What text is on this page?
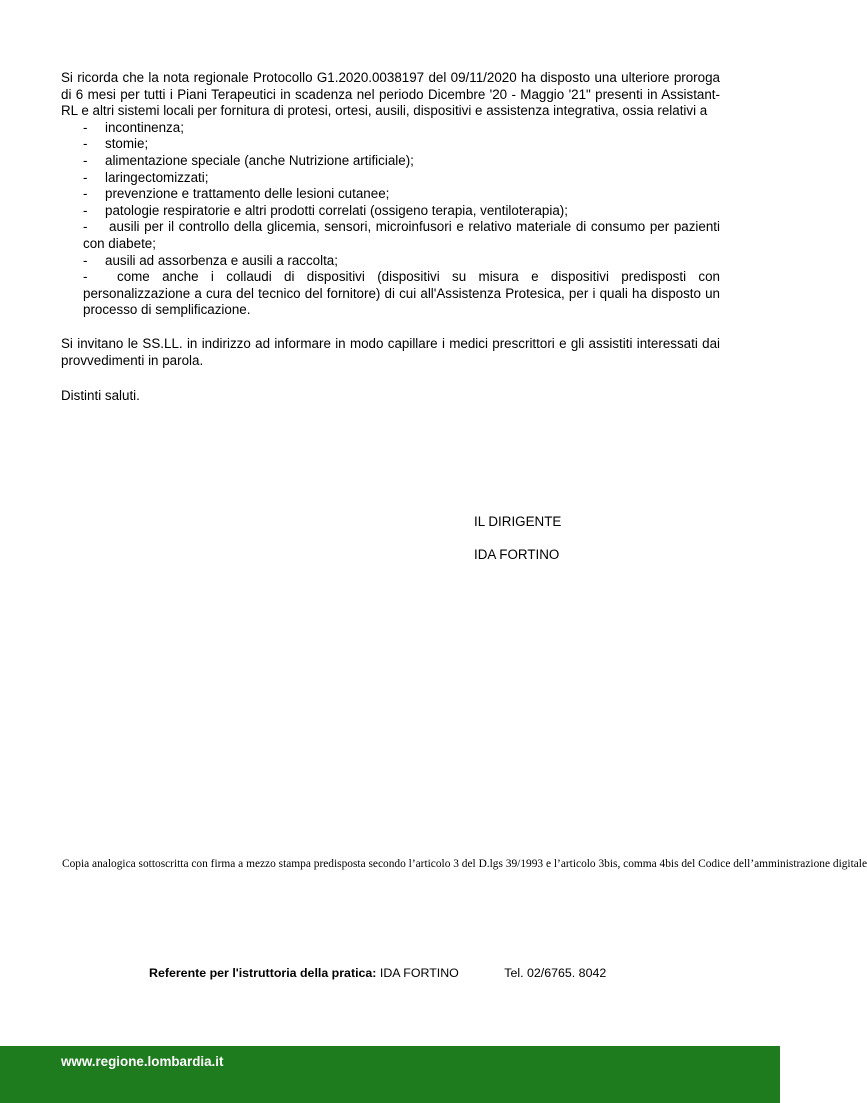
Si ricorda che la nota regionale Protocollo G1.2020.0038197 del 09/11/2020 ha disposto una ulteriore proroga di 6 mesi per tutti i Piani Terapeutici in scadenza nel periodo Dicembre '20 - Maggio '21" presenti in Assistant-RL e altri sistemi locali per fornitura di protesi, ortesi, ausili, dispositivi e assistenza integrativa, ossia relativi a

- incontinenza;
- stomie;
- alimentazione speciale (anche Nutrizione artificiale);
- laringectomizzati;
- prevenzione e trattamento delle lesioni cutanee;
- patologie respiratorie e altri prodotti correlati (ossigeno terapia, ventiloterapia);
- ausili per il controllo della glicemia, sensori, microinfusori e relativo materiale di consumo per pazienti con diabete;
- ausili ad assorbenza e ausili a raccolta;
- come anche i collaudi di dispositivi (dispositivi su misura e dispositivi predisposti con personalizzazione a cura del tecnico del fornitore) di cui all'Assistenza Protesica, per i quali ha disposto un processo di semplificazione.

Si invitano le SS.LL. in indirizzo ad informare in modo capillare i medici prescrittori e gli assistiti interessati dai provvedimenti in parola.

Distinti saluti.

IL DIRIGENTE
IDA FORTINO
Copia analogica sottoscritta con firma a mezzo stampa predisposta secondo l’articolo 3 del D.lgs 39/1993 e l’articolo 3bis, comma 4bis del Codice dell’amministrazione digitale
Referente per l'istruttoria della pratica: IDA FORTINO	Tel. 02/6765. 8042
www.regione.lombardia.it
